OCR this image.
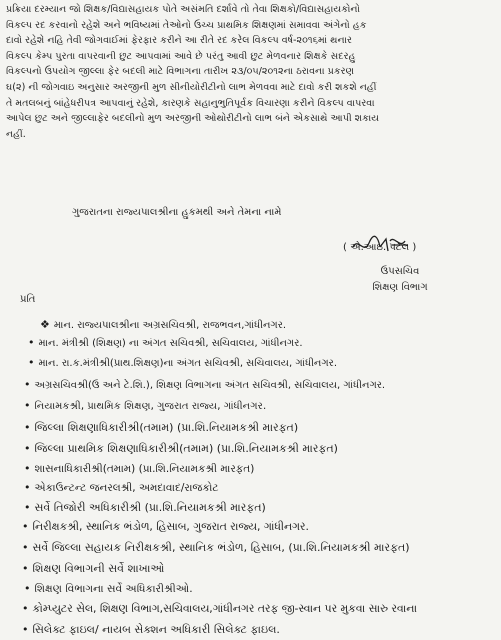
પ્રક્રિયા દરમ્યાન જો શિક્ષક/વિદ્યાસહાયક પોતે અસંમતિ દર્શાવે તો તેવા શિક્ષકો/વિદ્યાસહાયકોનો
વિકલ્પ રદ કરવાનો રહેશે અને ભવિષ્યમાં તેઓનો ઉચ્ચ પ્રાથમિક શિક્ષણમાં સમાવવા અંગેનો હક
દાવો રહેશે નહિ તેવી જોગવાઈમાં ફેરફાર કરીને આ રીતે રદ કરેલ વિકલ્પ વર્ષ-૨૦૧૬માં થનાર
વિકલ્પ કેમ્પ પુરતા વાપરવાની છુટ આપવામાં આવે છે પરંતુ આવી છુટ મેળવનાર શિક્ષકે સદરહુ
વિકલ્પનો ઉપયોગ જીલ્લા ફેર બદલી માટે વિભાગના તારીખ ૨૩/૦૫/૨૦૧૨ના ઠરાવના પ્રકરણ
ઘ(૨) ની જોગવાઇ અનુસાર અરજીની મુળ સીનીયોરીટીનો લાભ મેળવવા માટે દાવો કરી શકશે નહીં
તે મતલબનું બાંહેધરીપત્ર આપવાનું રહેશે, કારણકે સહાનુભુતિપૂર્વક વિચારણા કરીને વિકલ્પ વાપરવા
આપેલ છુટ અને જીલ્લાફેર બદલીનો મુળ અરજીની ઓથોરીટીનો લાભ બંને એકસાથે આપી શકાય
નહીં.
ગુજરાતના રાજ્યપાલશ્રીના હુકમથી અને તેમના નામે
( એ.આઇ. પટેલ )
ઉપસચિવ
શિક્ષણ વિભાગ
પ્રતિ
❖ માન. રાજ્યપાલશ્રીના અગ્રસચિવશ્રી, રાજભવન,ગાંધીનગર.
• માન. મંત્રીશ્રી (શિક્ષણ) ના અંગત સચિવશ્રી, સચિવાલય, ગાંધીનગર.
• માન. રા.ક.મંત્રીશ્રી(પ્રાથ.શિક્ષણ)ના અંગત સચિવશ્રી, સચિવાલય, ગાંધીનગર.
• અગ્રસચિવશ્રી(ઉ અને ટે.શિ.), શિક્ષણ વિભાગના અંગત સચિવશ્રી, સચિવાલય, ગાંધીનગર.
• નિયામકશ્રી, પ્રાથમિક શિક્ષણ, ગુજરાત રાજ્ય, ગાંધીનગર.
• જિલ્લા શિક્ષણાધિકારીશ્રી(તમામ) (પ્રા.શિ.નિયામકશ્રી મારફત)
• જિલ્લા પ્રાથમિક શિક્ષણાધિકારીશ્રી(તમામ) (પ્રા.શિ.નિયામકશ્રી મારફત)
• શાસનાધિકારીશ્રી(તમામ) (પ્રા.શિ.નિયામકશ્રી મારફત)
• એકાઉન્ટન્ટ જનરલશ્રી, અમદાવાદ/રાજકોટ
• સર્વે તિજોરી અધિકારીશ્રી (પ્રા.શિ.નિયામકશ્રી મારફત)
• નિરીક્ષકશ્રી, સ્થાનિક ભંડોળ, હિસાબ, ગુજરાત રાજ્ય, ગાંધીનગર.
• સર્વે જિલ્લા સહાયક નિરીક્ષકશ્રી, સ્થાનિક ભંડોળ, હિસાબ, (પ્રા.શિ.નિયામકશ્રી મારફત)
• શિક્ષણ વિભાગની સર્વે શાખાઓ
• શિક્ષણ વિભાગના સર્વે અધિકારીશ્રીઓ.
• કોમ્પ્યુટર સેલ, શિક્ષણ વિભાગ,સચિવાલય,ગાંધીનગર તરફ જી-સ્વાન પર મુકવા સારુ રવાના
• સિલેક્ટ ફાઇલ/ નાયબ સેક્શન અધિકારી સિલેક્ટ ફાઇલ.
